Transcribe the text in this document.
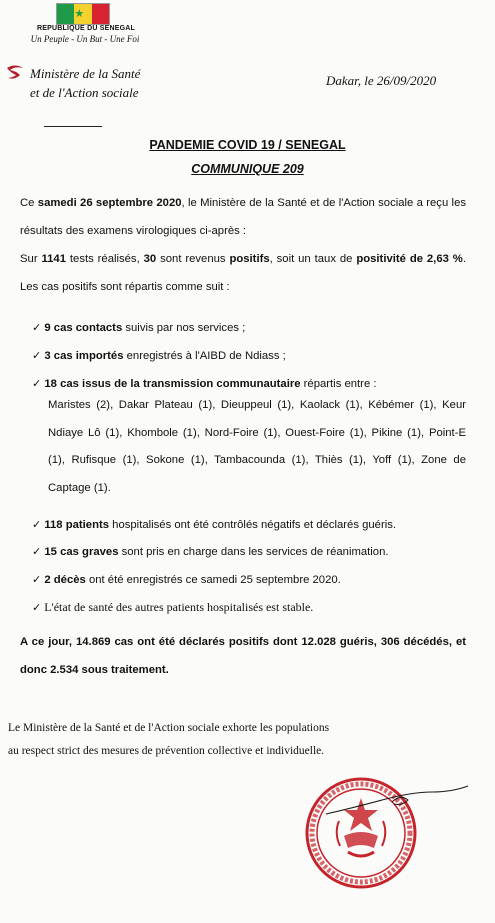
★
REPUBLIQUE DU SENEGAL
Un Peuple - Un But - Une Foi
Ministère de la Santé
et de l'Action sociale
Dakar, le 26/09/2020
PANDEMIE COVID 19 / SENEGAL
COMMUNIQUE 209
Ce samedi 26 septembre 2020, le Ministère de la Santé et de l'Action sociale a reçu les résultats des examens virologiques ci-après :
Sur 1141 tests réalisés, 30 sont revenus positifs, soit un taux de positivité de 2,63 %. Les cas positifs sont répartis comme suit :
✓ 9 cas contacts suivis par nos services ;
✓ 3 cas importés enregistrés à l'AIBD de Ndiass ;
✓ 18 cas issus de la transmission communautaire répartis entre :
Maristes (2), Dakar Plateau (1), Dieuppeul (1), Kaolack (1), Kébémer (1), Keur Ndiaye Lô (1), Khombole (1), Nord-Foire (1), Ouest-Foire (1), Pikine (1), Point-E (1), Rufisque (1), Sokone (1), Tambacounda (1), Thiès (1), Yoff (1), Zone de Captage (1).
✓ 118 patients hospitalisés ont été contrôlés négatifs et déclarés guéris.
✓ 15 cas graves sont pris en charge dans les services de réanimation.
✓ 2 décès ont été enregistrés ce samedi 25 septembre 2020.
✓ L'état de santé des autres patients hospitalisés est stable.
A ce jour, 14.869 cas ont été déclarés positifs dont 12.028 guéris, 306 décédés, et donc 2.534 sous traitement.
Le Ministère de la Santé et de l'Action sociale exhorte les populations au respect strict des mesures de prévention collective et individuelle.
